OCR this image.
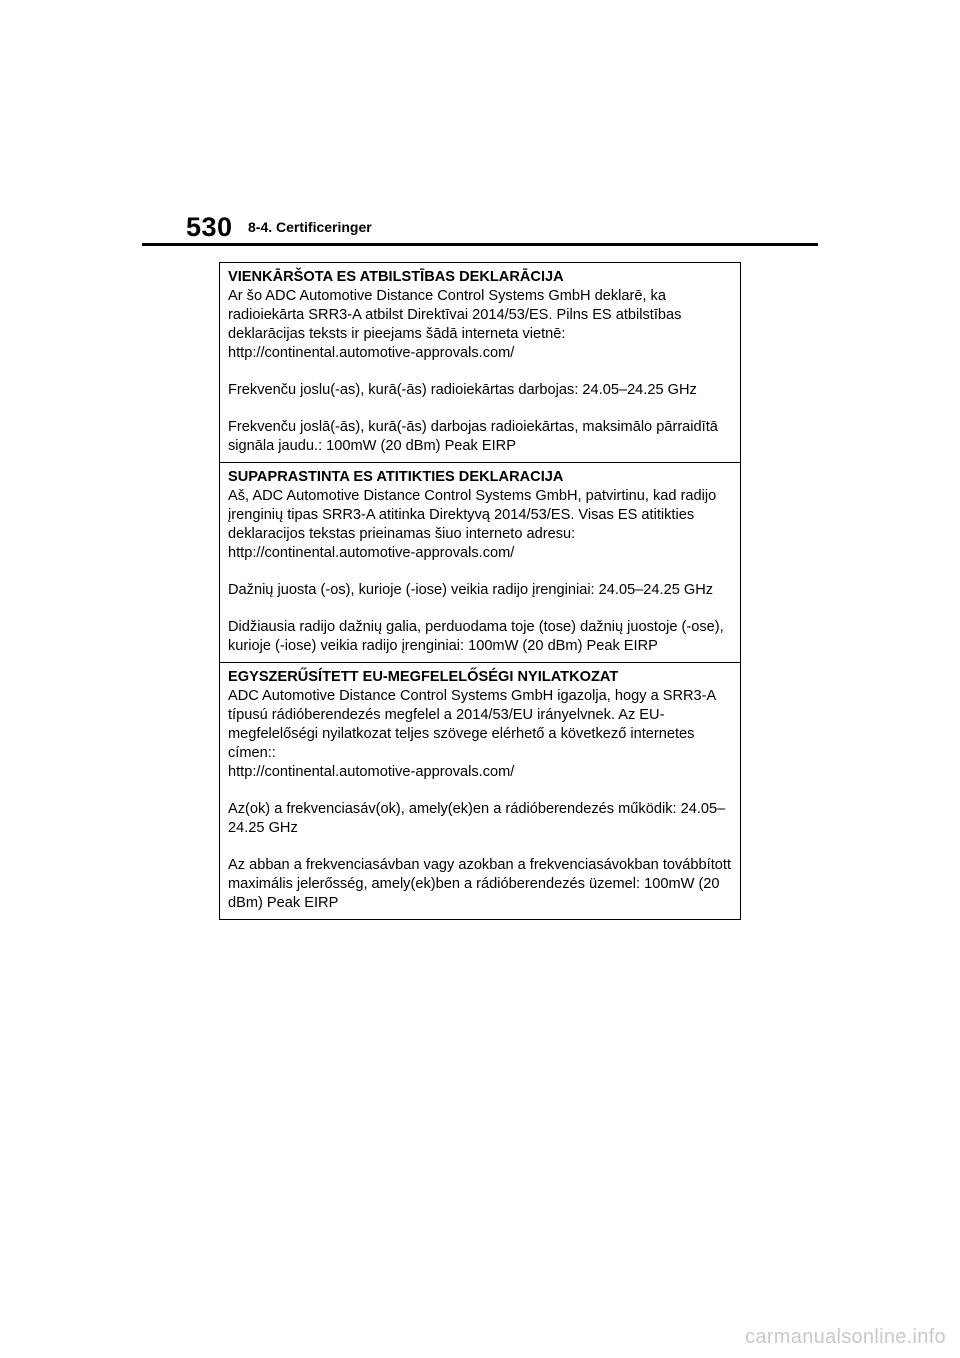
530 8-4. Certificeringer
VIENKĀRŠOTA ES ATBILSTĪBAS DEKLARĀCIJA
Ar šo ADC Automotive Distance Control Systems GmbH deklarē, ka radioiekārta SRR3-A atbilst Direktīvai 2014/53/ES. Pilns ES atbilstības deklarācijas teksts ir pieejams šādā interneta vietnē:
http://continental.automotive-approvals.com/
Frekvenču joslu(-as), kurā(-ās) radioiekārtas darbojas: 24.05–24.25 GHz
Frekvenču joslā(-ās), kurā(-ās) darbojas radioiekārtas, maksimālo pārraidītā signāla jaudu.: 100mW (20 dBm) Peak EIRP
SUPAPRASTINTA ES ATITIKTIES DEKLARACIJA
Aš, ADC Automotive Distance Control Systems GmbH, patvirtinu, kad radijo įrenginių tipas SRR3-A atitinka Direktyvą 2014/53/ES. Visas ES atitikties deklaracijos tekstas prieinamas šiuo interneto adresu:
http://continental.automotive-approvals.com/
Dažnių juosta (-os), kurioje (-iose) veikia radijo įrenginiai: 24.05–24.25 GHz
Didžiausia radijo dažnių galia, perduodama toje (tose) dažnių juostoje (-ose), kurioje (-iose) veikia radijo įrenginiai: 100mW (20 dBm) Peak EIRP
EGYSZERŰSÍTETT EU-MEGFELELŐSÉGI NYILATKOZAT
ADC Automotive Distance Control Systems GmbH igazolja, hogy a SRR3-A típusú rádióberendezés megfelel a 2014/53/EU irányelvnek. Az EU-megfelelőségi nyilatkozat teljes szövege elérhető a következő internetes címen::
http://continental.automotive-approvals.com/
Az(ok) a frekvenciasáv(ok), amely(ek)en a rádióberendezés működik: 24.05–24.25 GHz
Az abban a frekvenciasávban vagy azokban a frekvenciasávokban továbbított maximális jelerősség, amely(ek)ben a rádióberendezés üzemel: 100mW (20 dBm) Peak EIRP
carmanualsonline.info
